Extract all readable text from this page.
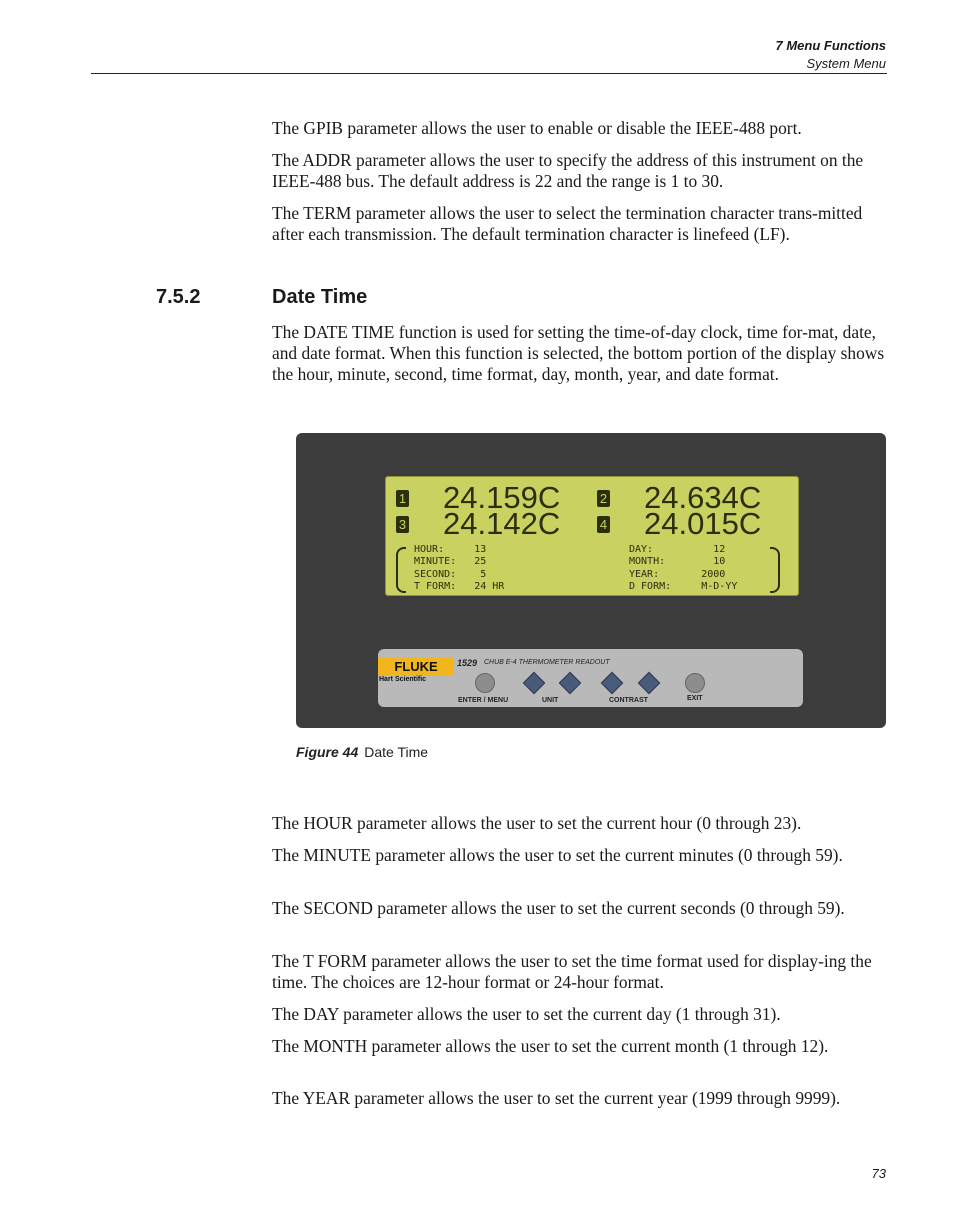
7 Menu Functions
System Menu

The GPIB parameter allows the user to enable or disable the IEEE-488 port.

The ADDR parameter allows the user to specify the address of this instrument on the IEEE-488 bus. The default address is 22 and the range is 1 to 30.

The TERM parameter allows the user to select the termination character trans-mitted after each transmission. The default termination character is linefeed (LF).

7.5.2	Date Time

The DATE TIME function is used for setting the time-of-day clock, time for-mat, date, and date format. When this function is selected, the bottom portion of the display shows the hour, minute, second, time format, day, month, year, and date format.

1 24.159C	2 24.634C
3 24.142C	4 24.015C
HOUR:     13
MINUTE:   25
SECOND:    5
T FORM:   24 HR
DAY:          12
MONTH:        10
YEAR:       2000
D FORM:     M-D-YY
FLUKE
Hart Scientific
1529 CHUB E-4 THERMOMETER READOUT
ENTER / MENU	UNIT	CONTRAST	EXIT
Figure 44 Date Time

The HOUR parameter allows the user to set the current hour (0 through 23).

The MINUTE parameter allows the user to set the current minutes (0 through 59).

The SECOND parameter allows the user to set the current seconds (0 through 59).

The T FORM parameter allows the user to set the time format used for display-ing the time. The choices are 12-hour format or 24-hour format.

The DAY parameter allows the user to set the current day (1 through 31).

The MONTH parameter allows the user to set the current month (1 through 12).

The YEAR parameter allows the user to set the current year (1999 through 9999).

73
